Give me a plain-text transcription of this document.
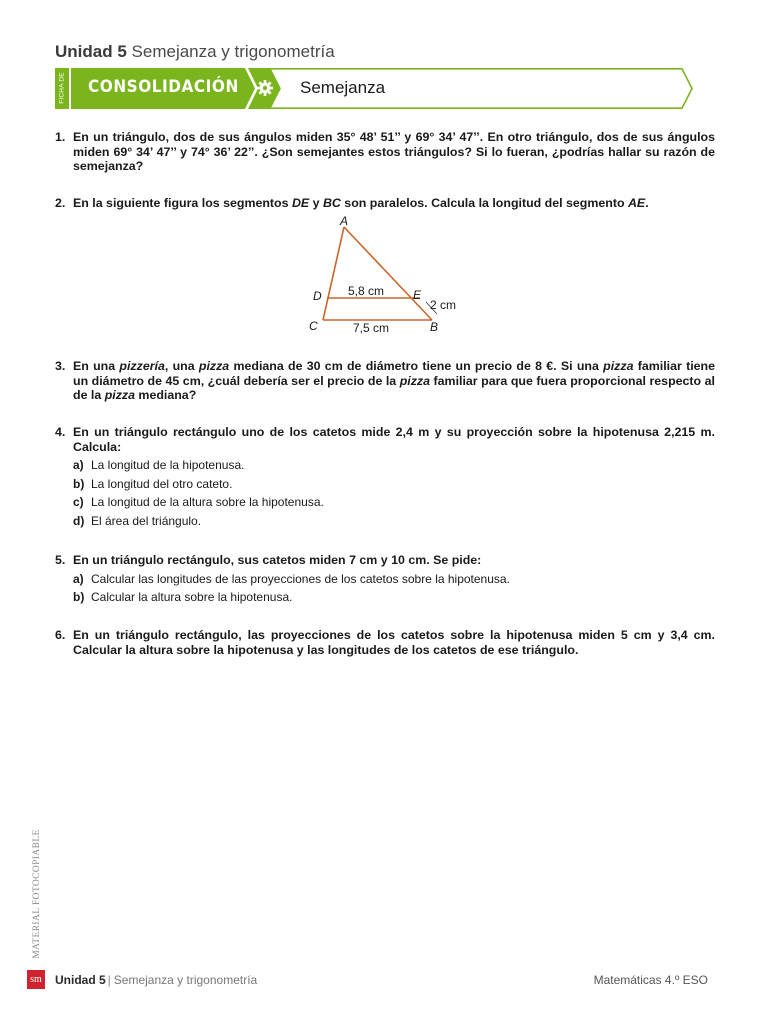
Unidad 5 Semejanza y trigonometría
FICHA DE CONSOLIDACIÓN	Semejanza
1. En un triángulo, dos de sus ángulos miden 35° 48’ 51’’ y 69° 34’ 47’’. En otro triángulo, dos de sus ángulos miden 69° 34’ 47’’ y 74° 36’ 22’’. ¿Son semejantes estos triángulos? Si lo fueran, ¿podrías hallar su razón de semejanza?
2. En la siguiente figura los segmentos DE y BC son paralelos. Calcula la longitud del segmento AE.
A
D	E
C	B
5,8 cm
2 cm
7,5 cm
3. En una pizzería, una pizza mediana de 30 cm de diámetro tiene un precio de 8 €. Si una pizza familiar tiene un diámetro de 45 cm, ¿cuál debería ser el precio de la pizza familiar para que fuera proporcional respecto al de la pizza mediana?
4. En un triángulo rectángulo uno de los catetos mide 2,4 m y su proyección sobre la hipotenusa 2,215 m. Calcula:
a) La longitud de la hipotenusa.
b) La longitud del otro cateto.
c) La longitud de la altura sobre la hipotenusa.
d) El área del triángulo.
5. En un triángulo rectángulo, sus catetos miden 7 cm y 10 cm. Se pide:
a) Calcular las longitudes de las proyecciones de los catetos sobre la hipotenusa.
b) Calcular la altura sobre la hipotenusa.
6. En un triángulo rectángulo, las proyecciones de los catetos sobre la hipotenusa miden 5 cm y 3,4 cm. Calcular la altura sobre la hipotenusa y las longitudes de los catetos de ese triángulo.
MATERIAL FOTOCOPIABLE
sm Unidad 5 | Semejanza y trigonometría	Matemáticas 4.º ESO
